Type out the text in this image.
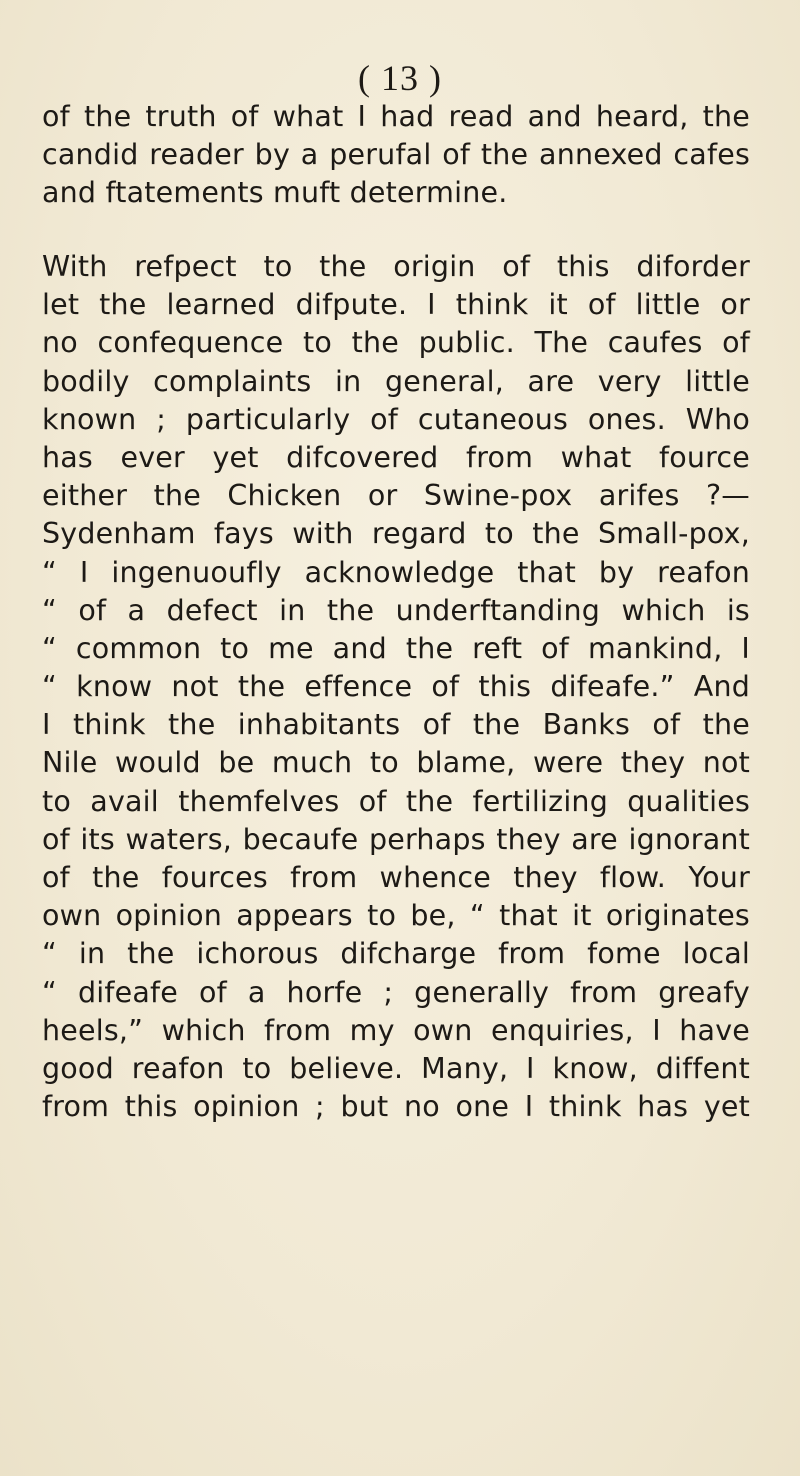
( 13 )
of the truth of what I had read and heard, the
candid reader by a perufal of the annexed cafes
and ftatements muft determine.
With refpect to the origin of this diforder
let the learned difpute. I think it of little or
no confequence to the public. The caufes of
bodily complaints in general, are very little
known ; particularly of cutaneous ones. Who
has ever yet difcovered from what fource
either the Chicken or Swine-pox arifes ?—
Sydenham fays with regard to the Small-pox,
“ I ingenuoufly acknowledge that by reafon
“ of a defect in the underftanding which is
“ common to me and the reft of mankind, I
“ know not the effence of this difeafe.” And
I think the inhabitants of the Banks of the
Nile would be much to blame, were they not
to avail themfelves of the fertilizing qualities
of its waters, becaufe perhaps they are ignorant
of the fources from whence they flow. Your
own opinion appears to be, “ that it originates
“ in the ichorous difcharge from fome local
“ difeafe of a horfe ; generally from greafy
heels,” which from my own enquiries, I have
good reafon to believe. Many, I know, diffent
from this opinion ; but no one I think has yet
